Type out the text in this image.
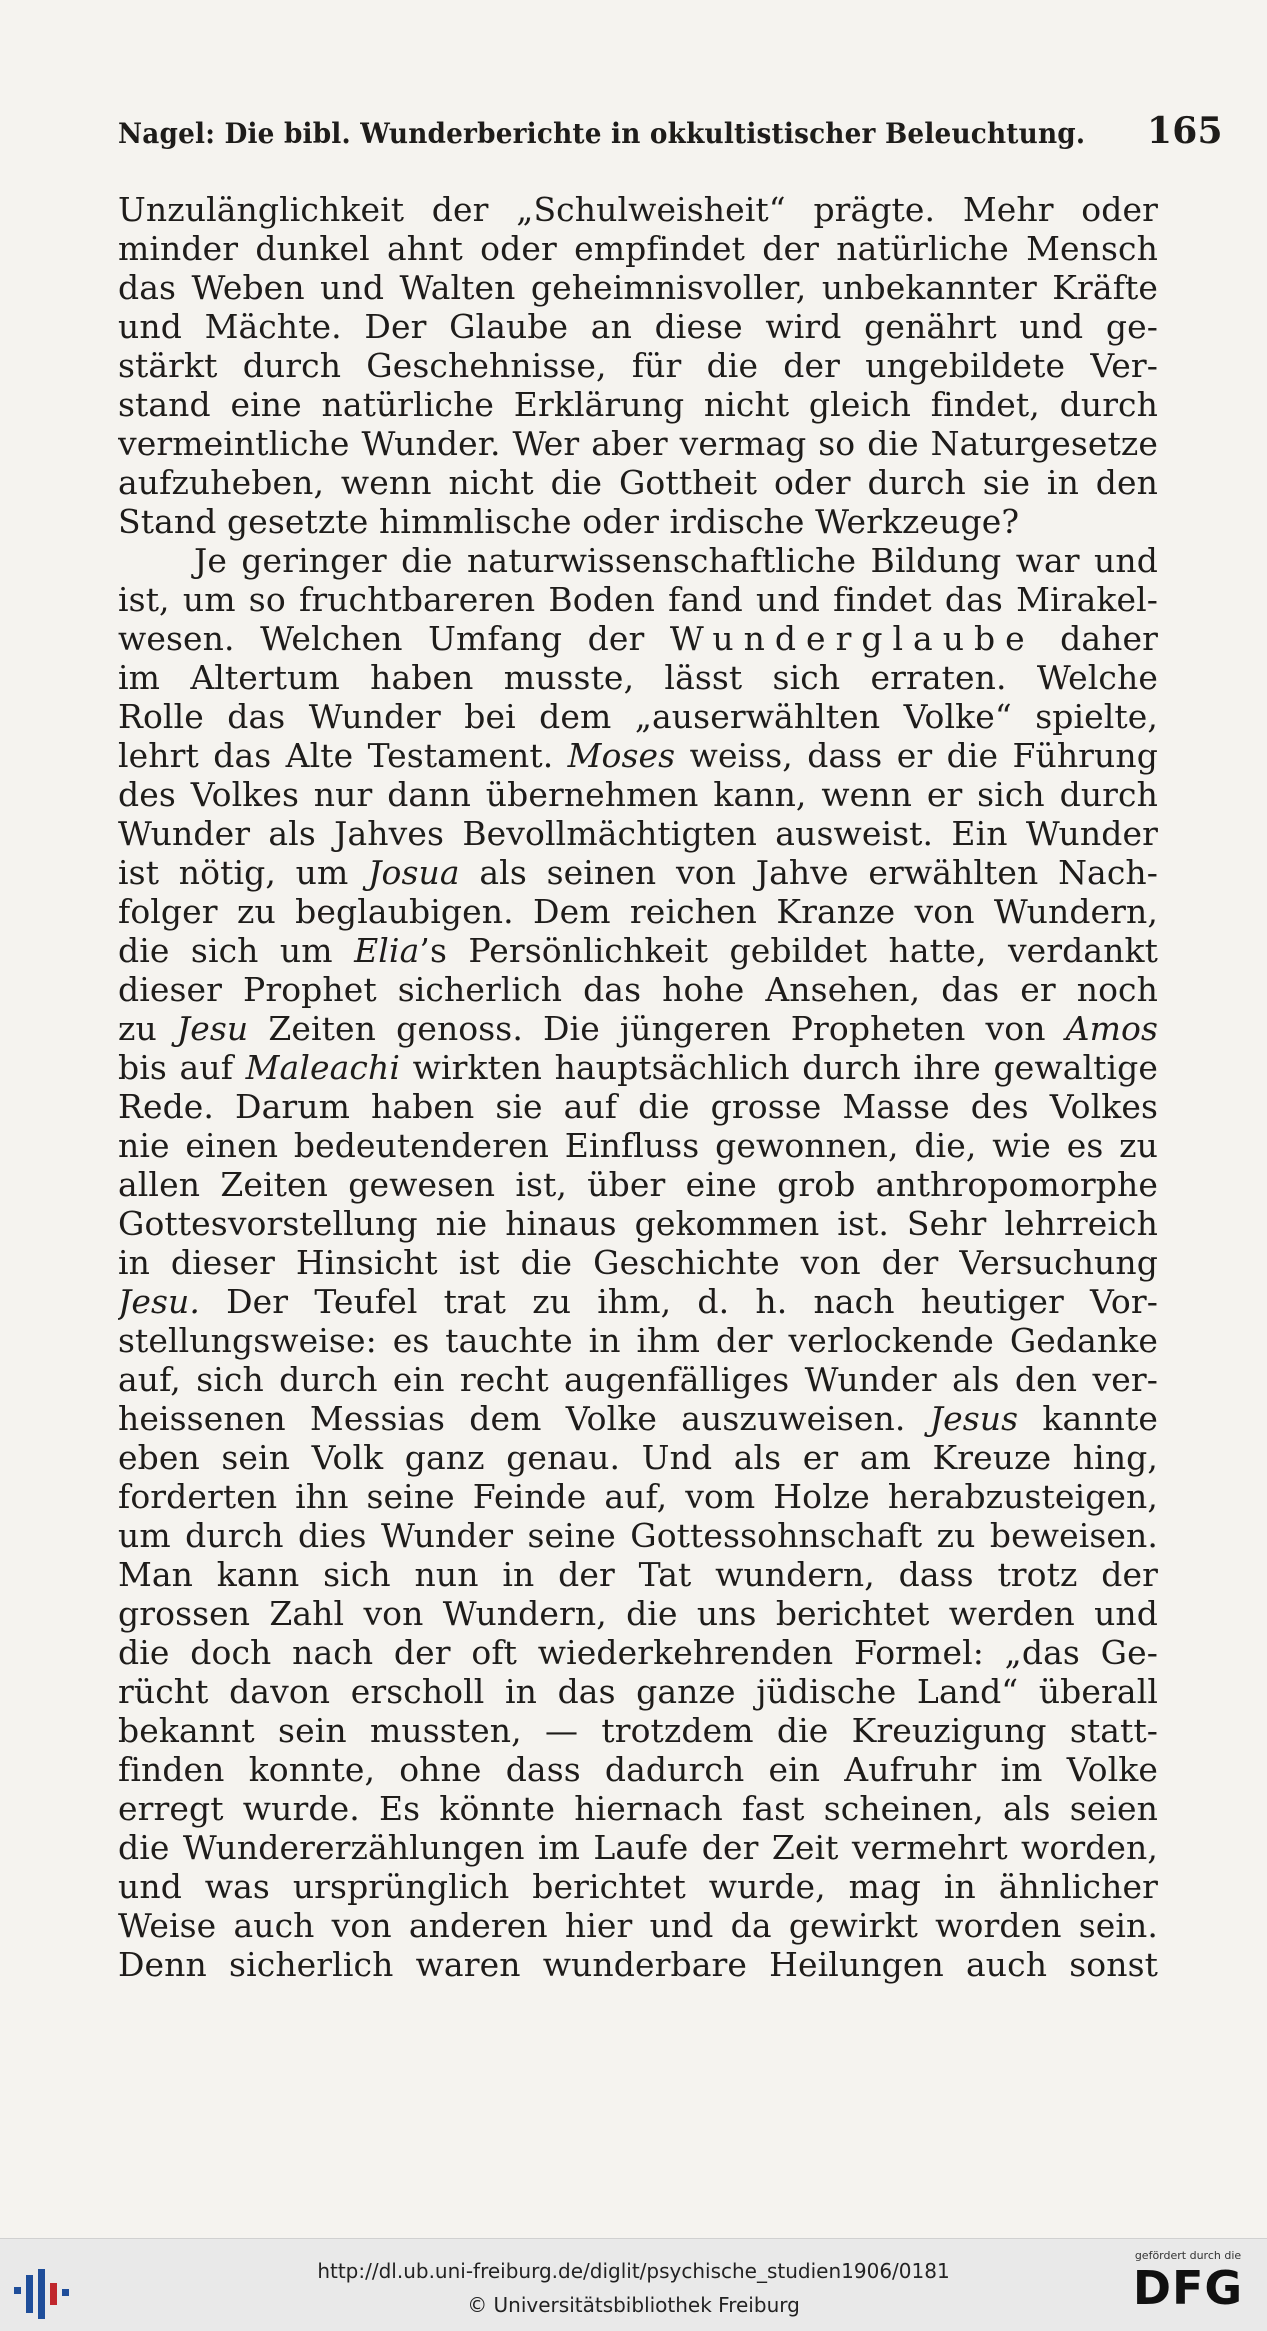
Nagel: Die bibl. Wunderberichte in okkultistischer Beleuchtung. 165
Unzulänglichkeit der „Schulweisheit“ prägte. Mehr oder
minder dunkel ahnt oder empfindet der natürliche Mensch
das Weben und Walten geheimnisvoller, unbekannter Kräfte
und Mächte. Der Glaube an diese wird genährt und ge-
stärkt durch Geschehnisse, für die der ungebildete Ver-
stand eine natürliche Erklärung nicht gleich findet, durch
vermeintliche Wunder. Wer aber vermag so die Naturgesetze
aufzuheben, wenn nicht die Gottheit oder durch sie in den
Stand gesetzte himmlische oder irdische Werkzeuge?
Je geringer die naturwissenschaftliche Bildung war und
ist, um so fruchtbareren Boden fand und findet das Mirakel-
wesen. Welchen Umfang der Wunderglaube daher
im Altertum haben musste, lässt sich erraten. Welche
Rolle das Wunder bei dem „auserwählten Volke“ spielte,
lehrt das Alte Testament. Moses weiss, dass er die Führung
des Volkes nur dann übernehmen kann, wenn er sich durch
Wunder als Jahves Bevollmächtigten ausweist. Ein Wunder
ist nötig, um Josua als seinen von Jahve erwählten Nach-
folger zu beglaubigen. Dem reichen Kranze von Wundern,
die sich um Elia’s Persönlichkeit gebildet hatte, verdankt
dieser Prophet sicherlich das hohe Ansehen, das er noch
zu Jesu Zeiten genoss. Die jüngeren Propheten von Amos
bis auf Maleachi wirkten hauptsächlich durch ihre gewaltige
Rede. Darum haben sie auf die grosse Masse des Volkes
nie einen bedeutenderen Einfluss gewonnen, die, wie es zu
allen Zeiten gewesen ist, über eine grob anthropomorphe
Gottesvorstellung nie hinaus gekommen ist. Sehr lehrreich
in dieser Hinsicht ist die Geschichte von der Versuchung
Jesu. Der Teufel trat zu ihm, d. h. nach heutiger Vor-
stellungsweise: es tauchte in ihm der verlockende Gedanke
auf, sich durch ein recht augenfälliges Wunder als den ver-
heissenen Messias dem Volke auszuweisen. Jesus kannte
eben sein Volk ganz genau. Und als er am Kreuze hing,
forderten ihn seine Feinde auf, vom Holze herabzusteigen,
um durch dies Wunder seine Gottessohnschaft zu beweisen.
Man kann sich nun in der Tat wundern, dass trotz der
grossen Zahl von Wundern, die uns berichtet werden und
die doch nach der oft wiederkehrenden Formel: „das Ge-
rücht davon erscholl in das ganze jüdische Land“ überall
bekannt sein mussten, — trotzdem die Kreuzigung statt-
finden konnte, ohne dass dadurch ein Aufruhr im Volke
erregt wurde. Es könnte hiernach fast scheinen, als seien
die Wundererzählungen im Laufe der Zeit vermehrt worden,
und was ursprünglich berichtet wurde, mag in ähnlicher
Weise auch von anderen hier und da gewirkt worden sein.
Denn sicherlich waren wunderbare Heilungen auch sonst
http://dl.ub.uni-freiburg.de/diglit/psychische_studien1906/0181
© Universitätsbibliothek Freiburg
gefördert durch die
DFG
